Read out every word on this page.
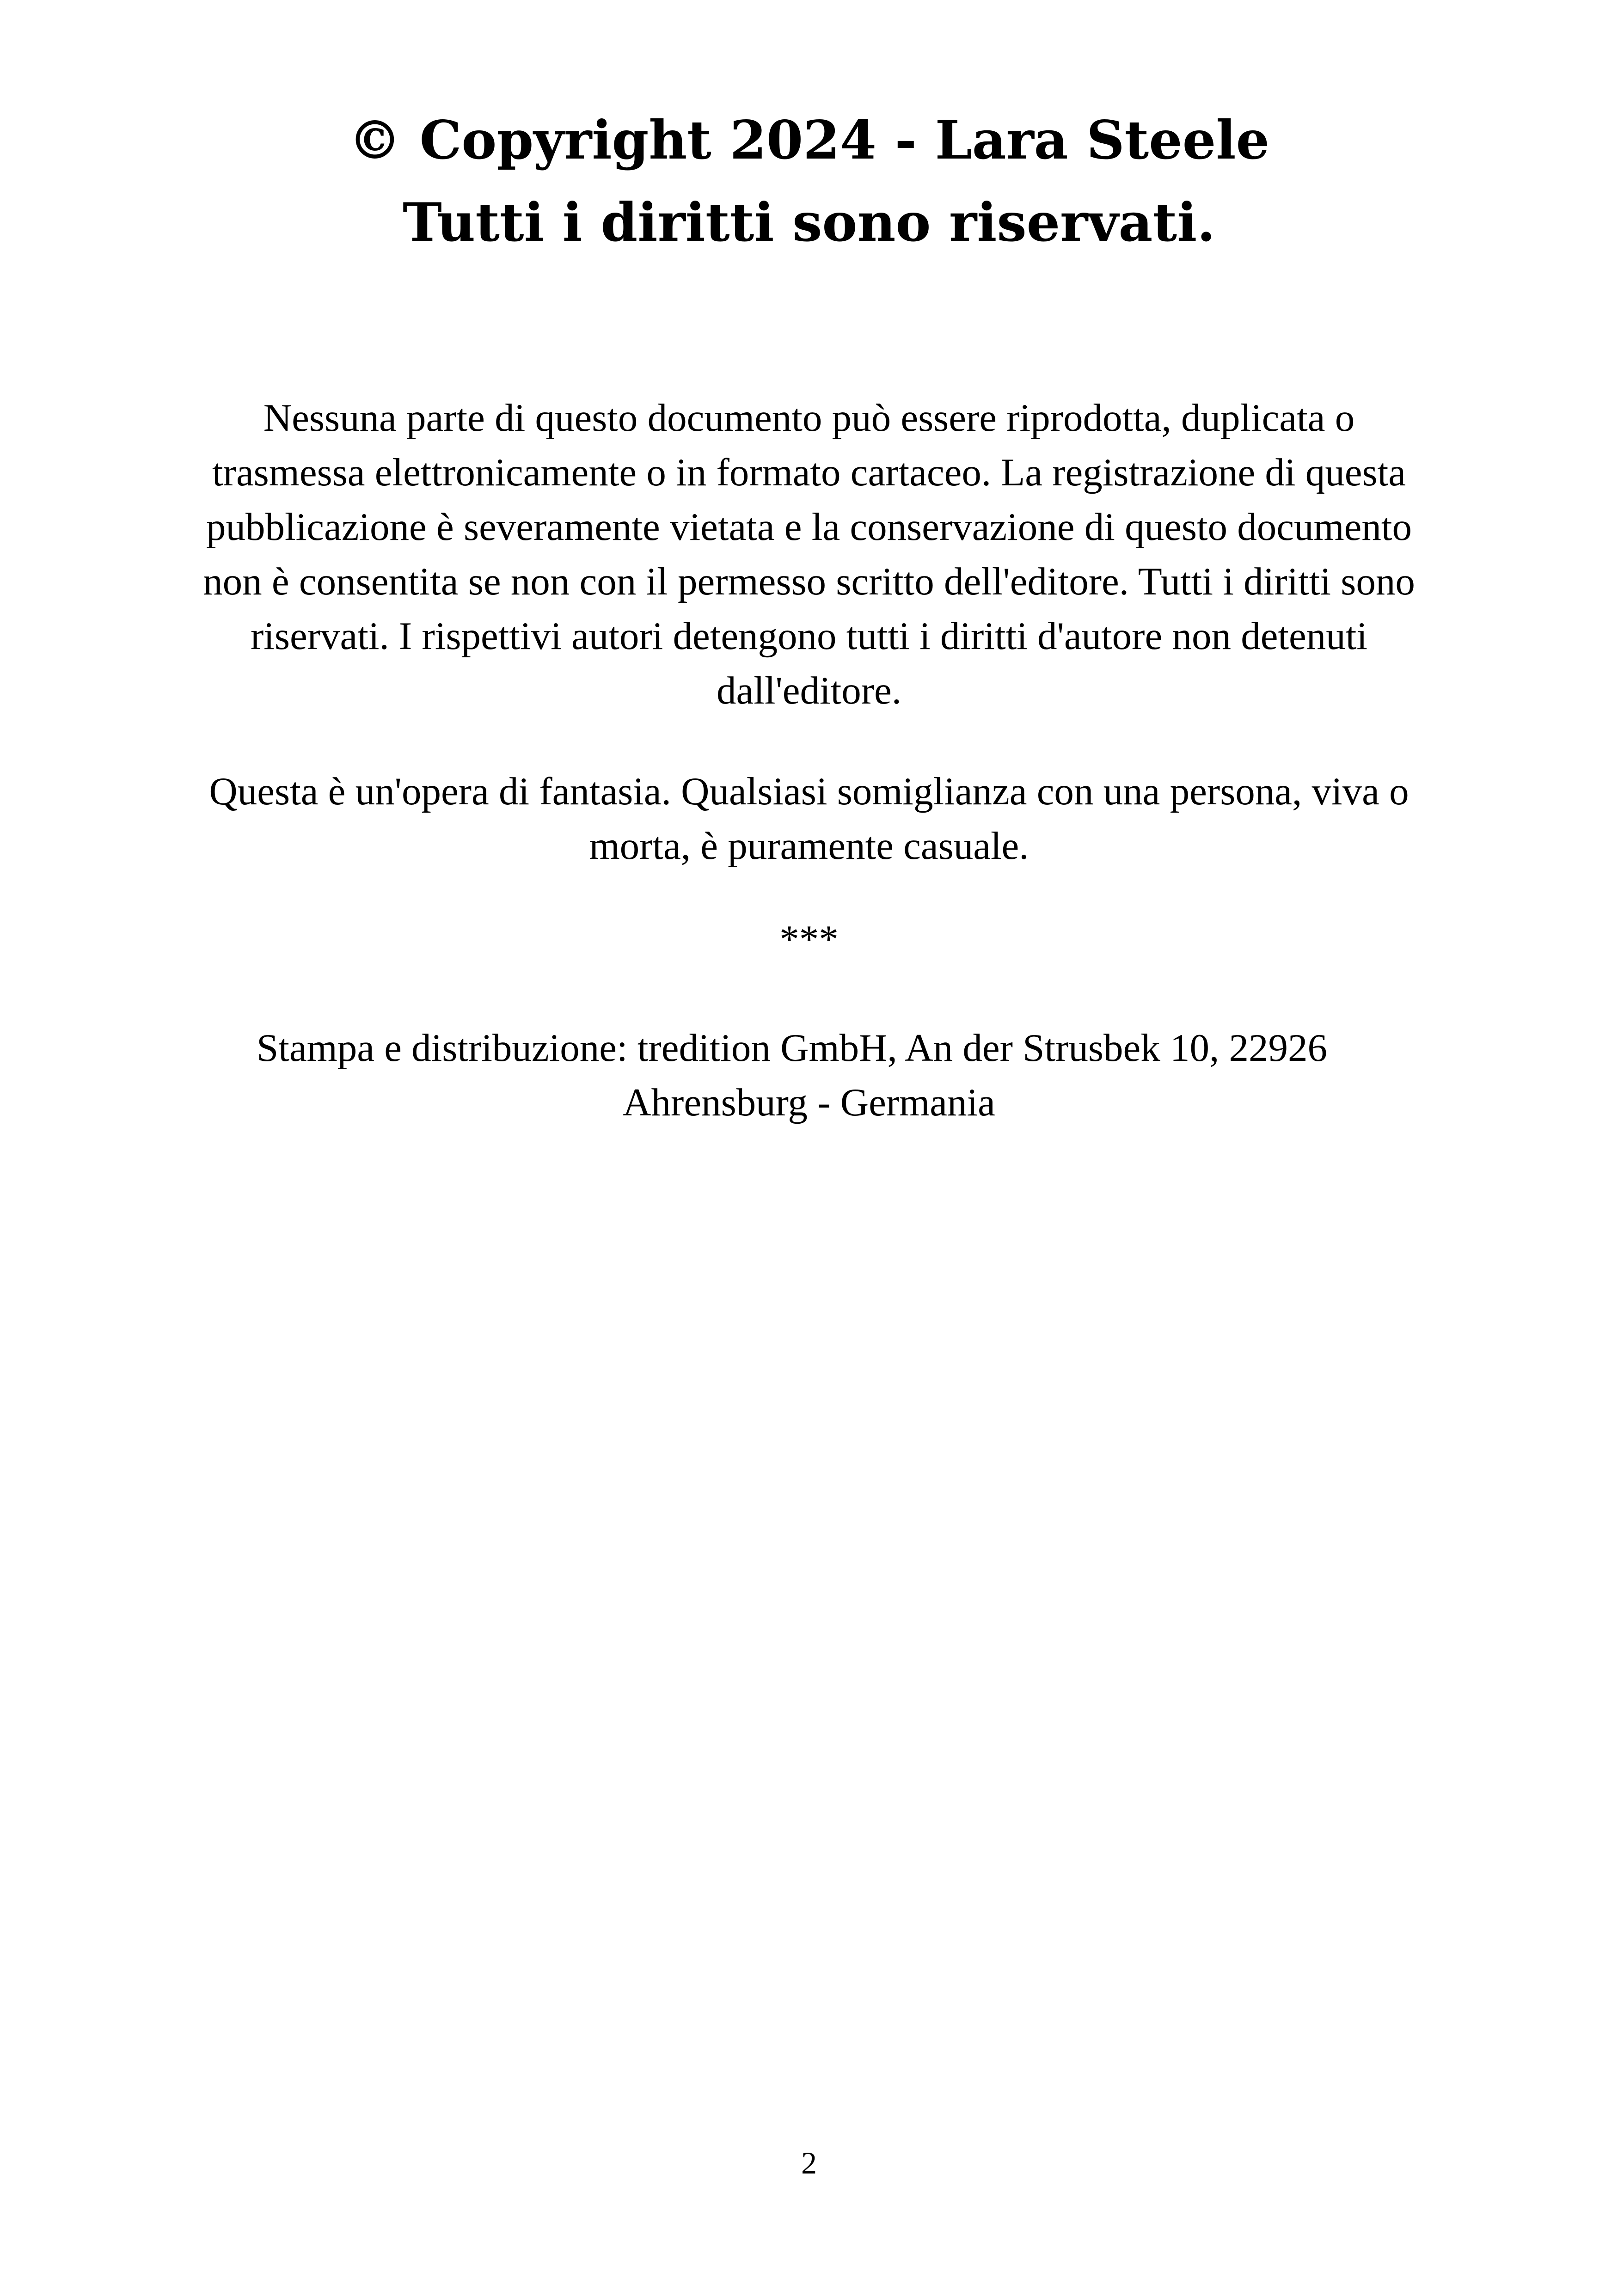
© Copyright 2024 - Lara Steele
Tutti i diritti sono riservati.
Nessuna parte di questo documento può essere riprodotta, duplicata o
trasmessa elettronicamente o in formato cartaceo. La registrazione di questa
pubblicazione è severamente vietata e la conservazione di questo documento
non è consentita se non con il permesso scritto dell'editore. Tutti i diritti sono
riservati. I rispettivi autori detengono tutti i diritti d'autore non detenuti
dall'editore.
Questa è un'opera di fantasia. Qualsiasi somiglianza con una persona, viva o
morta, è puramente casuale.
***
Stampa e distribuzione: tredition GmbH, An der Strusbek 10, 22926
Ahrensburg - Germania
2
